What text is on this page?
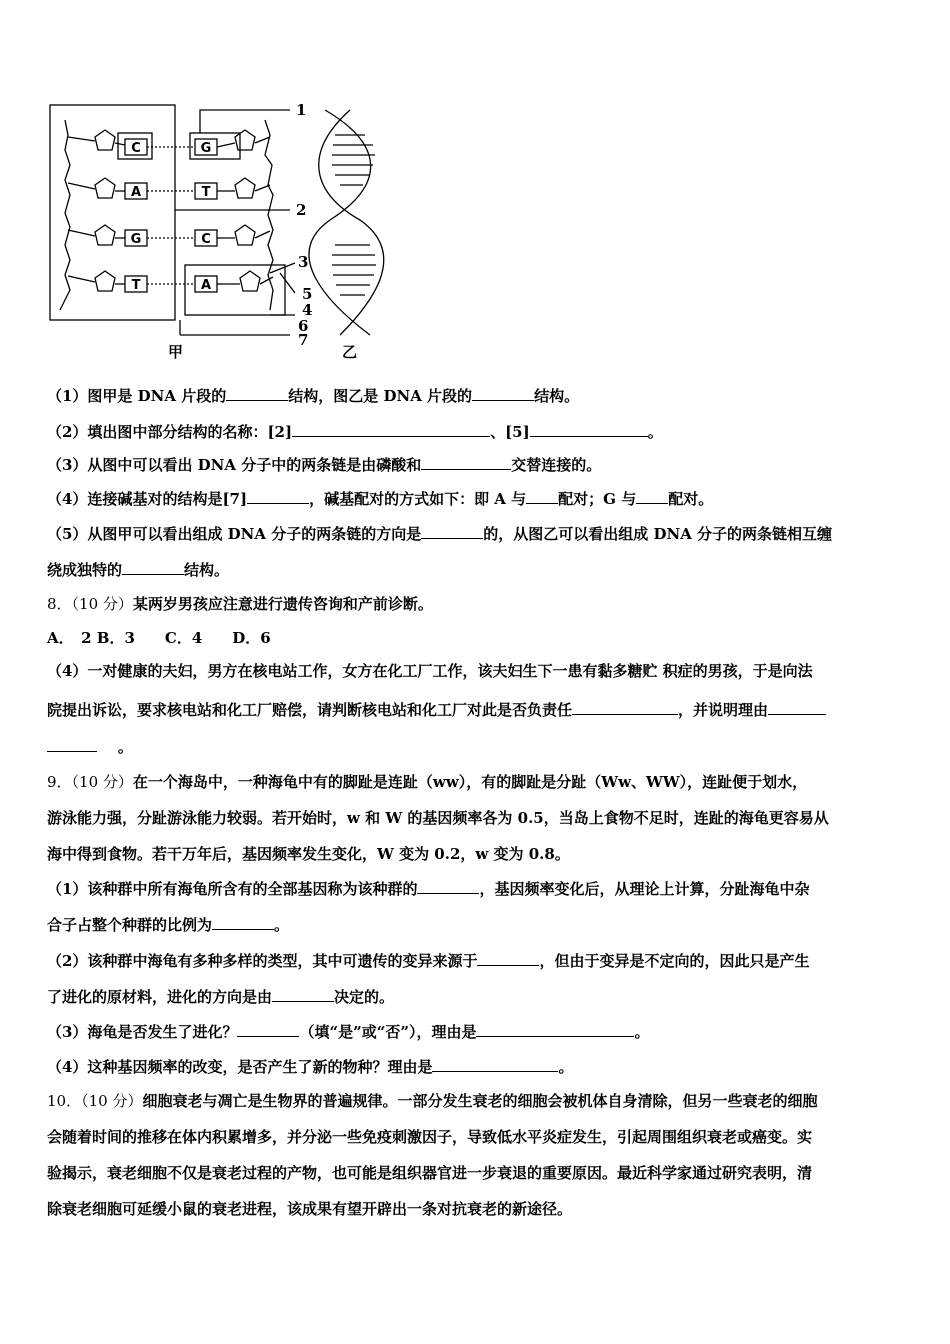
C
A
G
T
G
T
C
A
1
2
3
5
4
6
7
甲	乙
（1）图甲是 DNA 片段的	结构，图乙是 DNA 片段的	结构。
（2）填出图中部分结构的名称：[2]	、[5]	。
（3）从图中可以看出 DNA 分子中的两条链是由磷酸和	交替连接的。
（4）连接碱基对的结构是[7]	，碱基配对的方式如下：即 A 与 配对；G 与 配对。
（5）从图甲可以看出组成 DNA 分子的两条链的方向是	的，从图乙可以看出组成 DNA 分子的两条链相互缠
绕成独特的	结构。
8．（10 分）某两岁男孩应注意进行遗传咨询和产前诊断。
A．　2 B．3　　C．4　　D．6
（4）一对健康的夫妇，男方在核电站工作，女方在化工厂工作，该夫妇生下一患有黏多糖贮 积症的男孩，于是向法
院提出诉讼，要求核电站和化工厂赔偿，请判断核电站和化工厂对此是否负责任	，并说明理由
。
9．（10 分）在一个海岛中，一种海龟中有的脚趾是连趾（ww），有的脚趾是分趾（Ww、WW），连趾便于划水，
游泳能力强，分趾游泳能力较弱。若开始时，w 和 W 的基因频率各为 0.5，当岛上食物不足时，连趾的海龟更容易从
海中得到食物。若干万年后，基因频率发生变化，W 变为 0.2，w 变为 0.8。
（1）该种群中所有海龟所含有的全部基因称为该种群的	，基因频率变化后，从理论上计算，分趾海龟中杂
合子占整个种群的比例为	。
（2）该种群中海龟有多种多样的类型，其中可遗传的变异来源于	，但由于变异是不定向的，因此只是产生
了进化的原材料，进化的方向是由	决定的。
（3）海龟是否发生了进化？	（填“是”或“否”），理由是	。
（4）这种基因频率的改变，是否产生了新的物种？理由是	。
10．（10 分）细胞衰老与凋亡是生物界的普遍规律。一部分发生衰老的细胞会被机体自身清除，但另一些衰老的细胞
会随着时间的推移在体内积累增多，并分泌一些免疫刺激因子，导致低水平炎症发生，引起周围组织衰老或癌变。实
验揭示，衰老细胞不仅是衰老过程的产物，也可能是组织器官进一步衰退的重要原因。最近科学家通过研究表明，清
除衰老细胞可延缓小鼠的衰老进程，该成果有望开辟出一条对抗衰老的新途径。
